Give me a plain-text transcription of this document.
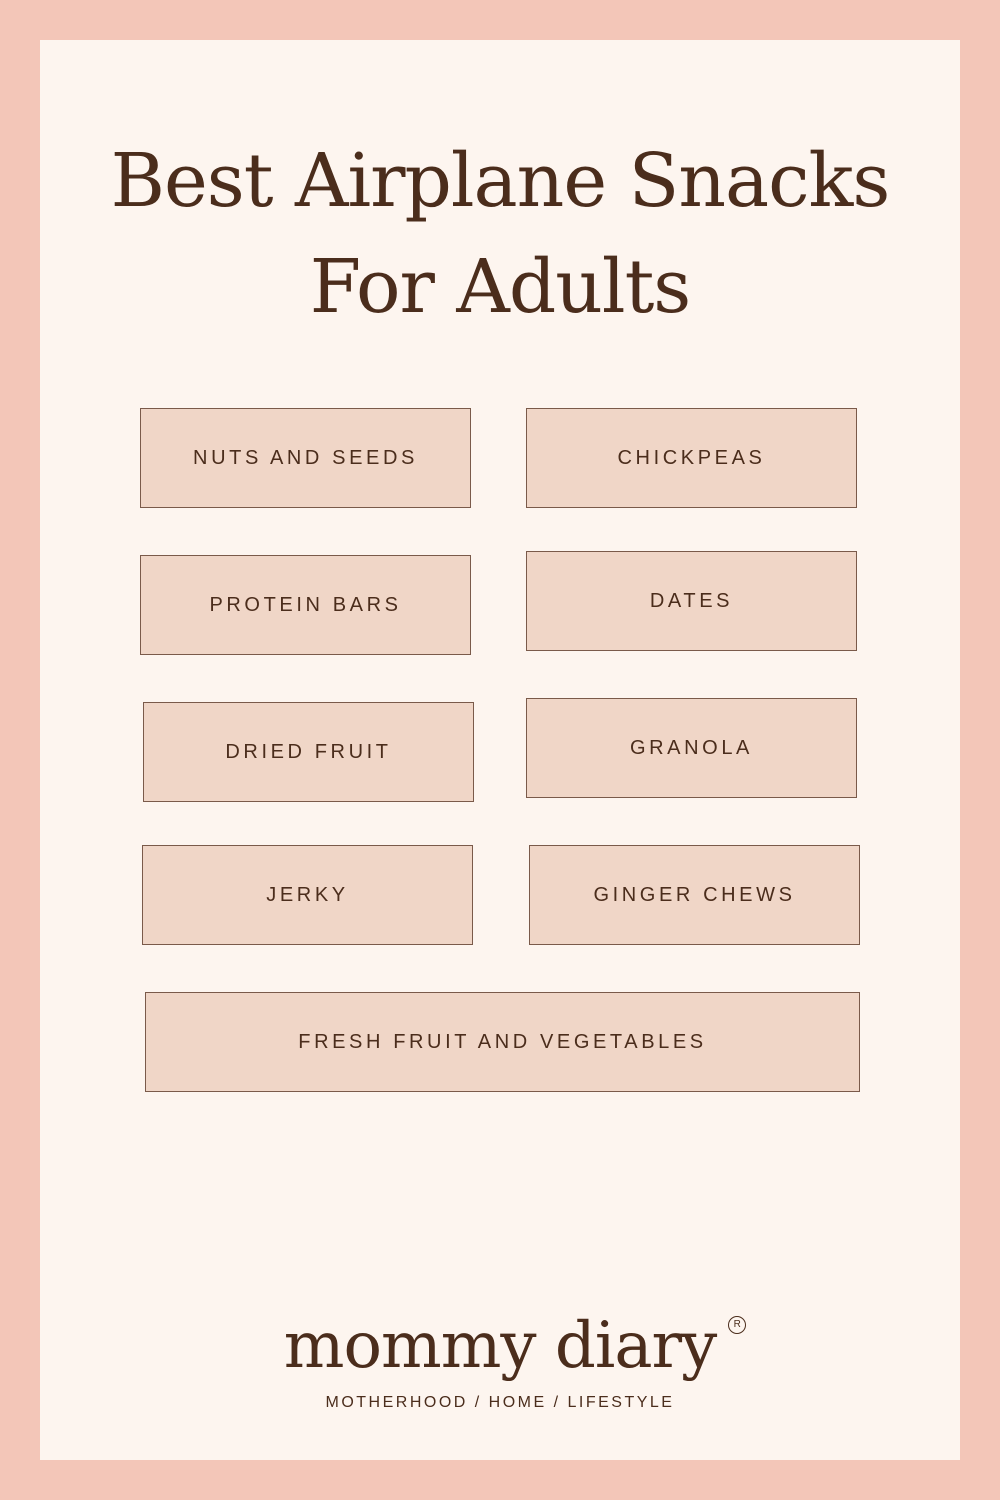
Best Airplane Snacks
For Adults
NUTS AND SEEDS	CHICKPEAS
PROTEIN BARS	DATES
DRIED FRUIT	GRANOLA
JERKY	GINGER CHEWS
FRESH FRUIT AND VEGETABLES
mommy diary	R
MOTHERHOOD / HOME / LIFESTYLE
